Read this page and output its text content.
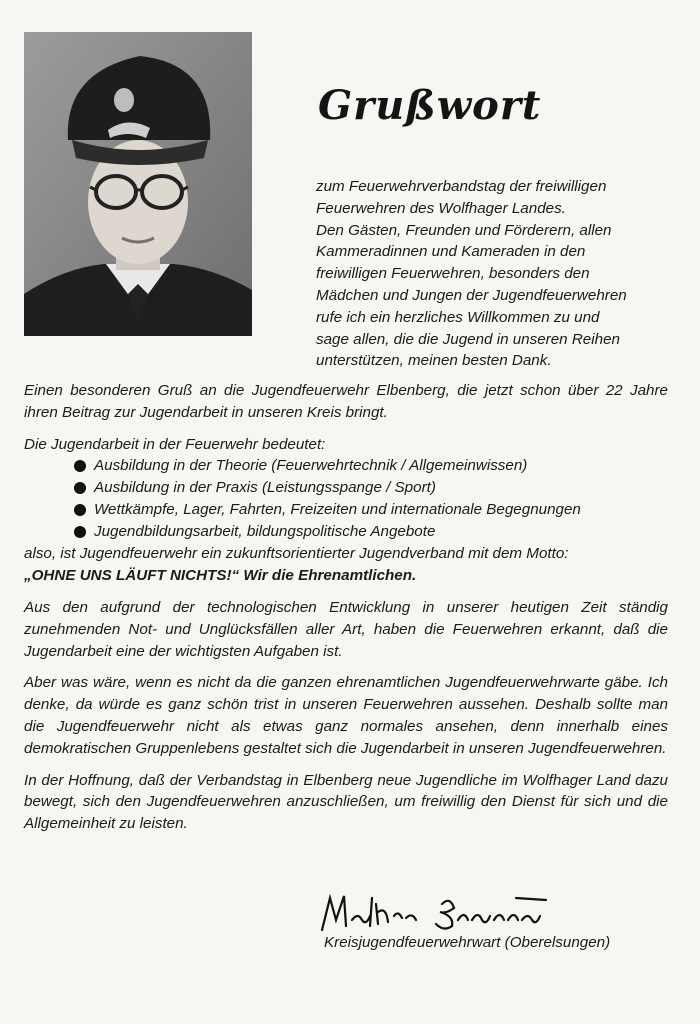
Grußwort

zum Feuerwehrverbandstag der freiwilligen
Feuerwehren des Wolfhager Landes.
Den Gästen, Freunden und Förderern, allen
Kammeradinnen und Kameraden in den
freiwilligen Feuerwehren, besonders den
Mädchen und Jungen der Jugendfeuerwehren
rufe ich ein herzliches Willkommen zu und
sage allen, die die Jugend in unseren Reihen
unterstützen, meinen besten Dank.

Einen besonderen Gruß an die Jugendfeuerwehr Elbenberg, die jetzt schon über 22 Jahre ihren Beitrag zur Jugendarbeit in unseren Kreis bringt.

Die Jugendarbeit in der Feuerwehr bedeutet:

Ausbildung in der Theorie (Feuerwehrtechnik / Allgemeinwissen)
Ausbildung in der Praxis (Leistungsspange / Sport)
Wettkämpfe, Lager, Fahrten, Freizeiten und internationale Begegnungen
Jugendbildungsarbeit, bildungspolitische Angebote

also, ist Jugendfeuerwehr ein zukunftsorientierter Jugendverband mit dem Motto:

„OHNE UNS LÄUFT NICHTS!“ Wir die Ehrenamtlichen.

Aus den aufgrund der technologischen Entwicklung in unserer heutigen Zeit ständig zunehmenden Not- und Unglücksfällen aller Art, haben die Feuerwehren erkannt, daß die Jugendarbeit eine der wichtigsten Aufgaben ist.

Aber was wäre, wenn es nicht da die ganzen ehrenamtlichen Jugendfeuerwehrwarte gäbe. Ich denke, da würde es ganz schön trist in unseren Feuerwehren aussehen. Deshalb sollte man die Jugendfeuerwehr nicht als etwas ganz normales ansehen, denn innerhalb eines demokratischen Gruppenlebens gestaltet sich die Jugendarbeit in unseren Jugendfeuerwehren.

In der Hoffnung, daß der Verbandstag in Elbenberg neue Jugendliche im Wolfhager Land dazu bewegt, sich den Jugendfeuerwehren anzuschließen, um freiwillig den Dienst für sich und die Allgemeinheit zu leisten.

Kreisjugendfeuerwehrwart (Oberelsungen)
